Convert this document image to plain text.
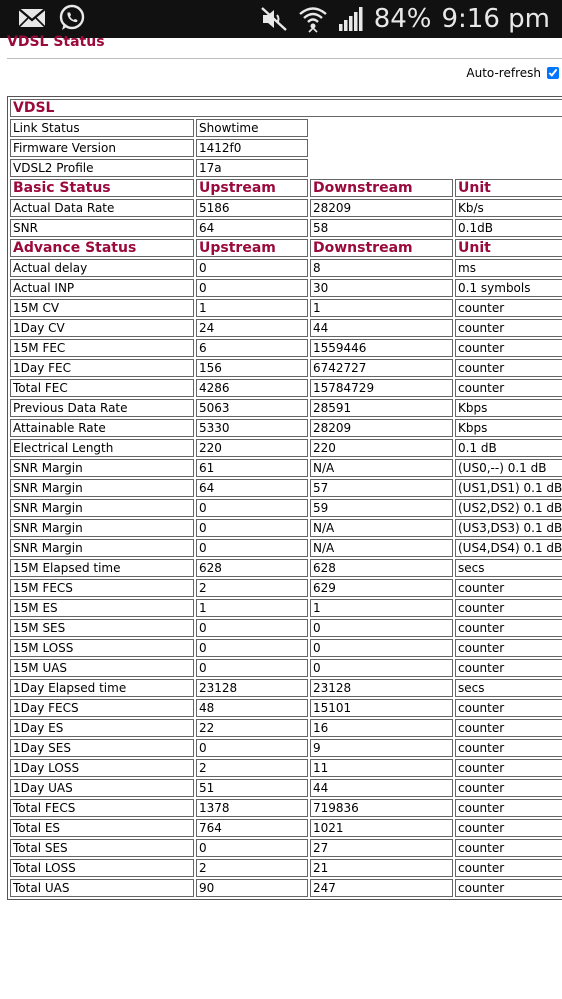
84% 9:16 pm
VDSL Status
Auto-refresh
VDSL			
Link Status	Showtime		
Firmware Version	1412f0		
VDSL2 Profile	17a		
Basic Status	Upstream	Downstream	Unit
Actual Data Rate	5186	28209	Kb/s
SNR	64	58	0.1dB
Advance Status	Upstream	Downstream	Unit
Actual delay	0	8	ms
Actual INP	0	30	0.1 symbols
15M CV	1	1	counter
1Day CV	24	44	counter
15M FEC	6	1559446	counter
1Day FEC	156	6742727	counter
Total FEC	4286	15784729	counter
Previous Data Rate	5063	28591	Kbps
Attainable Rate	5330	28209	Kbps
Electrical Length	220	220	0.1 dB
SNR Margin	61	N/A	(US0,--) 0.1 dB
SNR Margin	64	57	(US1,DS1) 0.1 dB
SNR Margin	0	59	(US2,DS2) 0.1 dB
SNR Margin	0	N/A	(US3,DS3) 0.1 dB
SNR Margin	0	N/A	(US4,DS4) 0.1 dB
15M Elapsed time	628	628	secs
15M FECS	2	629	counter
15M ES	1	1	counter
15M SES	0	0	counter
15M LOSS	0	0	counter
15M UAS	0	0	counter
1Day Elapsed time	23128	23128	secs
1Day FECS	48	15101	counter
1Day ES	22	16	counter
1Day SES	0	9	counter
1Day LOSS	2	11	counter
1Day UAS	51	44	counter
Total FECS	1378	719836	counter
Total ES	764	1021	counter
Total SES	0	27	counter
Total LOSS	2	21	counter
Total UAS	90	247	counter
